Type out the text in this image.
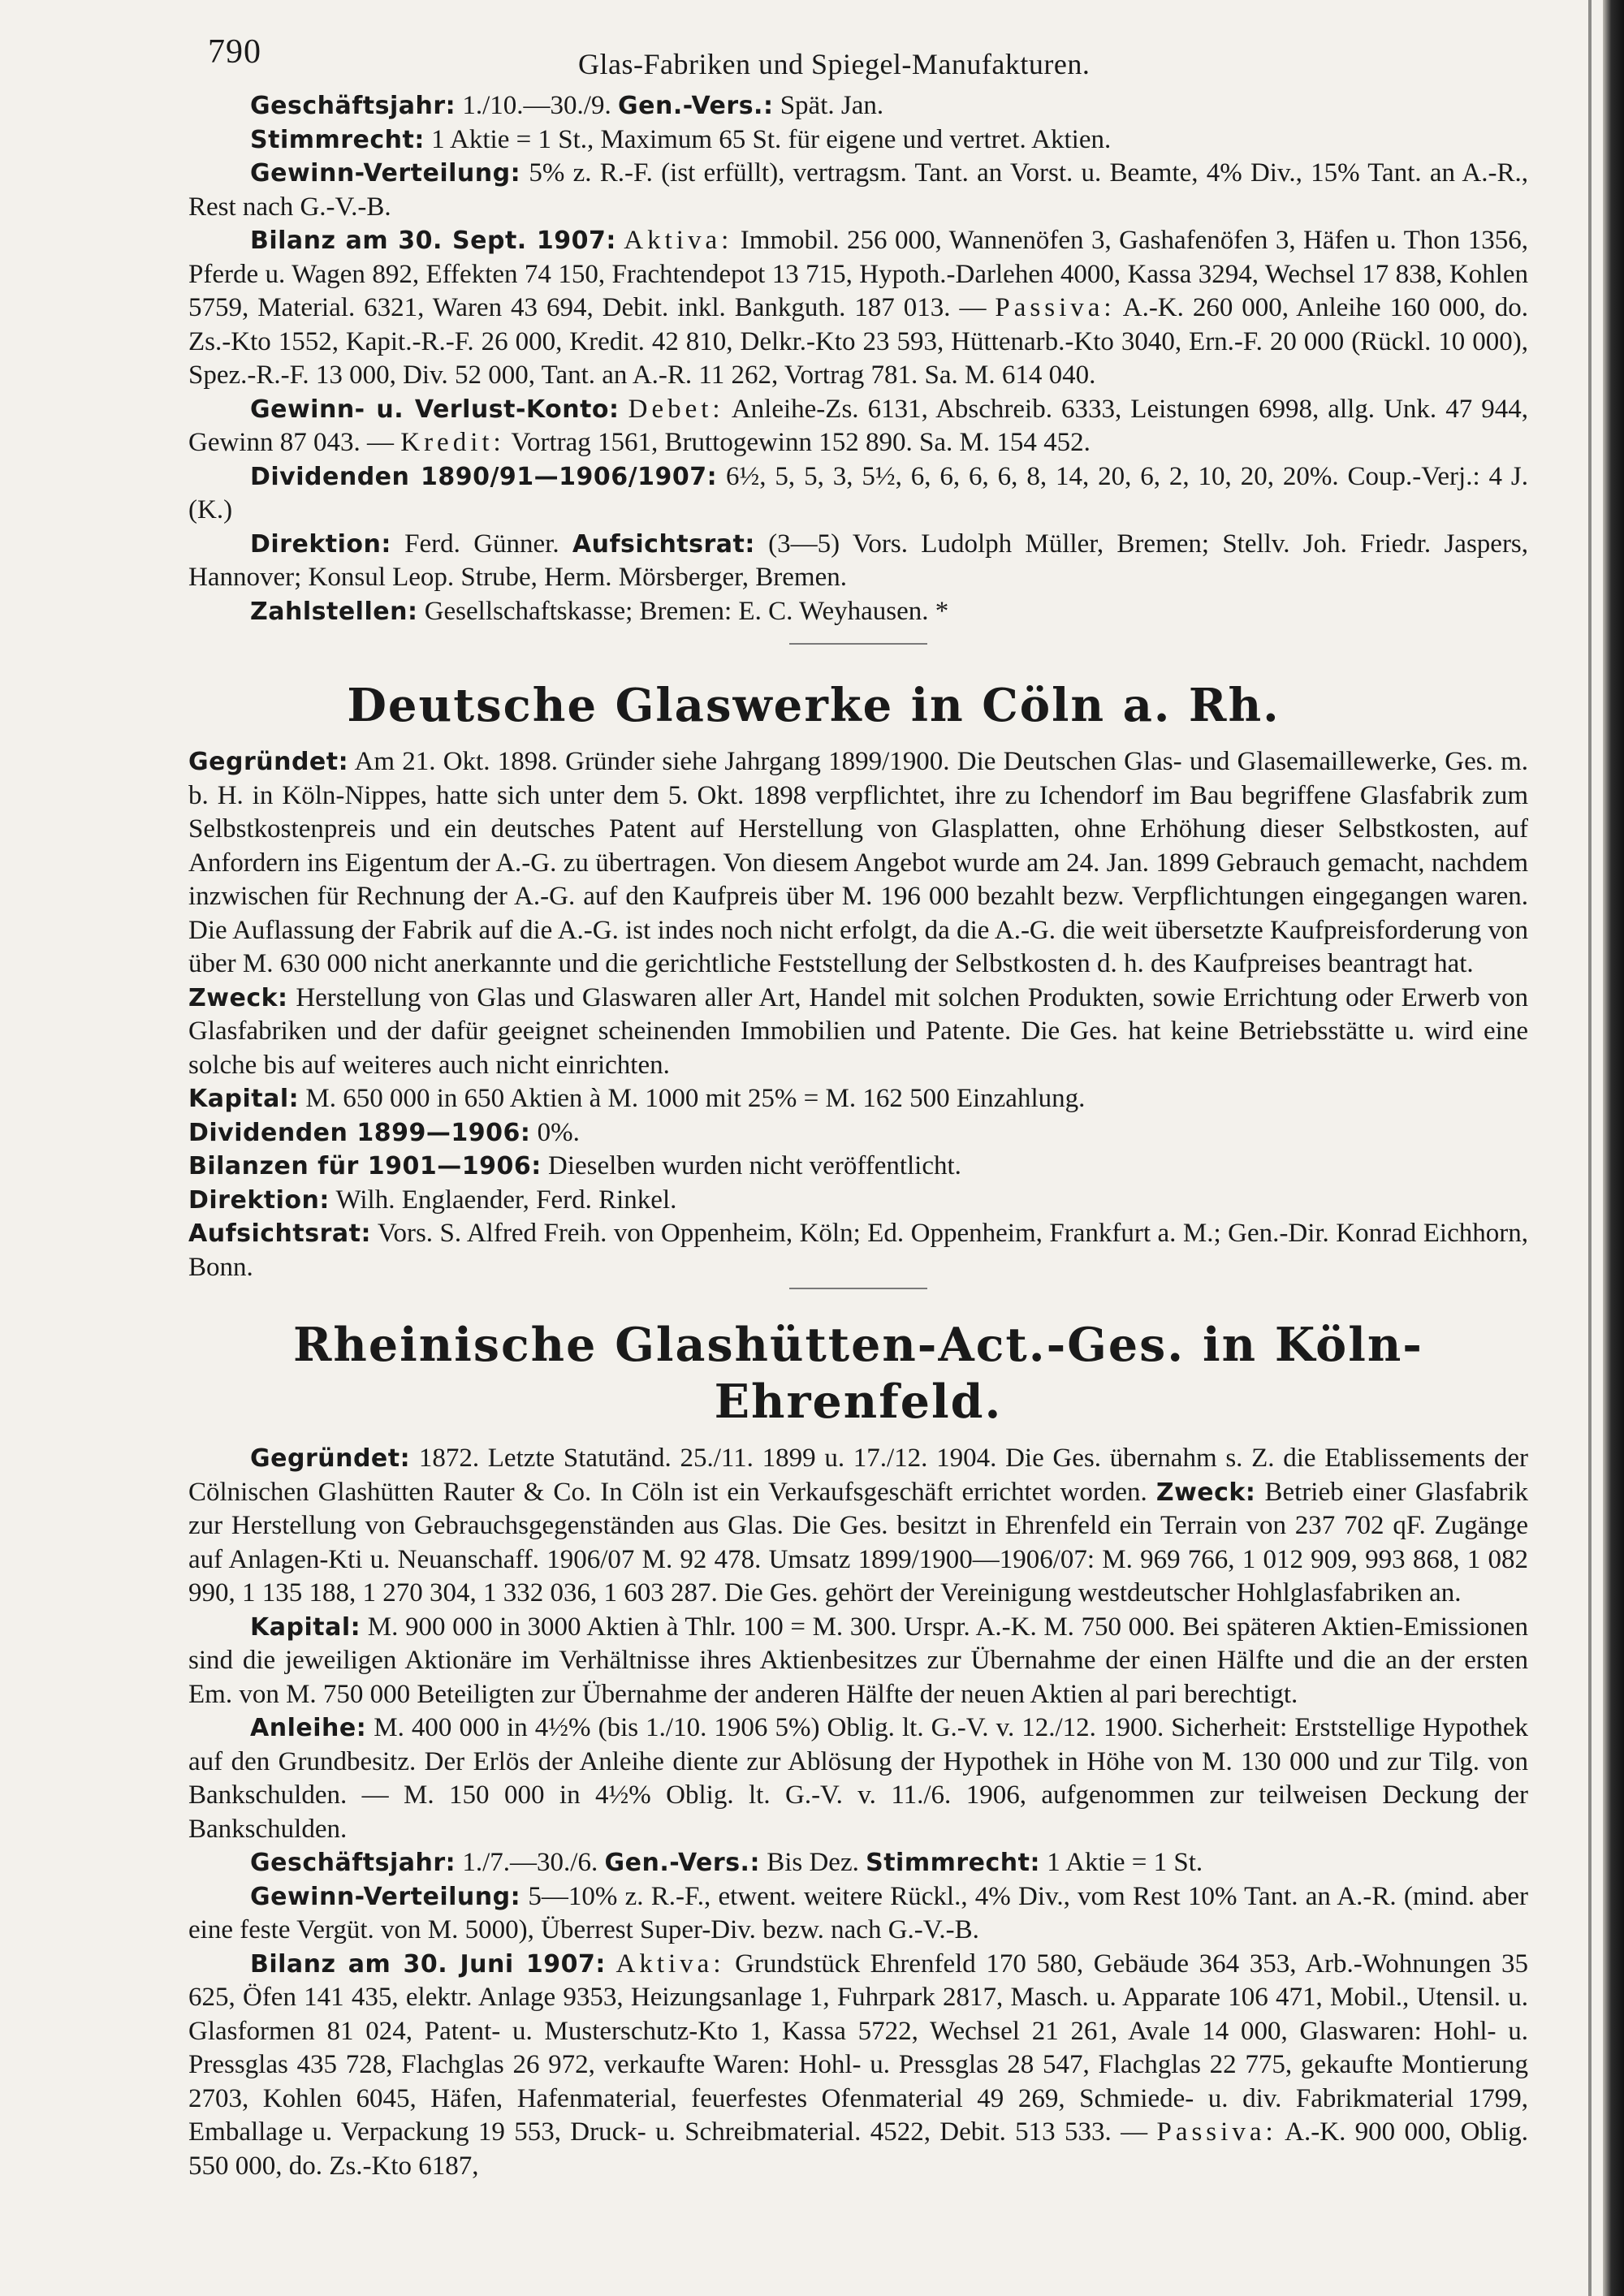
790	Glas-Fabriken und Spiegel-Manufakturen.

Geschäftsjahr: 1./10.—30./9. Gen.-Vers.: Spät. Jan.

Stimmrecht: 1 Aktie = 1 St., Maximum 65 St. für eigene und vertret. Aktien.

Gewinn-Verteilung: 5% z. R.-F. (ist erfüllt), vertragsm. Tant. an Vorst. u. Beamte, 4% Div., 15% Tant. an A.-R., Rest nach G.-V.-B.

Bilanz am 30. Sept. 1907: Aktiva: Immobil. 256 000, Wannenöfen 3, Gashafenöfen 3, Häfen u. Thon 1356, Pferde u. Wagen 892, Effekten 74 150, Frachtendepot 13 715, Hypoth.-Darlehen 4000, Kassa 3294, Wechsel 17 838, Kohlen 5759, Material. 6321, Waren 43 694, Debit. inkl. Bankguth. 187 013. — Passiva: A.-K. 260 000, Anleihe 160 000, do. Zs.-Kto 1552, Kapit.-R.-F. 26 000, Kredit. 42 810, Delkr.-Kto 23 593, Hüttenarb.-Kto 3040, Ern.-F. 20 000 (Rückl. 10 000), Spez.-R.-F. 13 000, Div. 52 000, Tant. an A.-R. 11 262, Vortrag 781. Sa. M. 614 040.

Gewinn- u. Verlust-Konto: Debet: Anleihe-Zs. 6131, Abschreib. 6333, Leistungen 6998, allg. Unk. 47 944, Gewinn 87 043. — Kredit: Vortrag 1561, Bruttogewinn 152 890. Sa. M. 154 452.

Dividenden 1890/91—1906/1907: 6½, 5, 5, 3, 5½, 6, 6, 6, 6, 8, 14, 20, 6, 2, 10, 20, 20%. Coup.-Verj.: 4 J. (K.)

Direktion: Ferd. Günner. Aufsichtsrat: (3—5) Vors. Ludolph Müller, Bremen; Stellv. Joh. Friedr. Jaspers, Hannover; Konsul Leop. Strube, Herm. Mörsberger, Bremen.

Zahlstellen: Gesellschaftskasse; Bremen: E. C. Weyhausen. *

Deutsche Glaswerke in Cöln a. Rh.

Gegründet: Am 21. Okt. 1898. Gründer siehe Jahrgang 1899/1900. Die Deutschen Glas- und Glasemaillewerke, Ges. m. b. H. in Köln-Nippes, hatte sich unter dem 5. Okt. 1898 verpflichtet, ihre zu Ichendorf im Bau begriffene Glasfabrik zum Selbstkostenpreis und ein deutsches Patent auf Herstellung von Glasplatten, ohne Erhöhung dieser Selbstkosten, auf Anfordern ins Eigentum der A.-G. zu übertragen. Von diesem Angebot wurde am 24. Jan. 1899 Gebrauch gemacht, nachdem inzwischen für Rechnung der A.-G. auf den Kaufpreis über M. 196 000 bezahlt bezw. Verpflichtungen eingegangen waren. Die Auflassung der Fabrik auf die A.-G. ist indes noch nicht erfolgt, da die A.-G. die weit übersetzte Kaufpreisforderung von über M. 630 000 nicht anerkannte und die gerichtliche Feststellung der Selbstkosten d. h. des Kaufpreises beantragt hat.

Zweck: Herstellung von Glas und Glaswaren aller Art, Handel mit solchen Produkten, sowie Errichtung oder Erwerb von Glasfabriken und der dafür geeignet scheinenden Immobilien und Patente. Die Ges. hat keine Betriebsstätte u. wird eine solche bis auf weiteres auch nicht einrichten.

Kapital: M. 650 000 in 650 Aktien à M. 1000 mit 25% = M. 162 500 Einzahlung.

Dividenden 1899—1906: 0%.

Bilanzen für 1901—1906: Dieselben wurden nicht veröffentlicht.

Direktion: Wilh. Englaender, Ferd. Rinkel.

Aufsichtsrat: Vors. S. Alfred Freih. von Oppenheim, Köln; Ed. Oppenheim, Frankfurt a. M.; Gen.-Dir. Konrad Eichhorn, Bonn.

Rheinische Glashütten-Act.-Ges. in Köln-Ehrenfeld.

Gegründet: 1872. Letzte Statutänd. 25./11. 1899 u. 17./12. 1904. Die Ges. übernahm s. Z. die Etablissements der Cölnischen Glashütten Rauter & Co. In Cöln ist ein Verkaufsgeschäft errichtet worden. Zweck: Betrieb einer Glasfabrik zur Herstellung von Gebrauchsgegenständen aus Glas. Die Ges. besitzt in Ehrenfeld ein Terrain von 237 702 qF. Zugänge auf Anlagen-Kti u. Neuanschaff. 1906/07 M. 92 478. Umsatz 1899/1900—1906/07: M. 969 766, 1 012 909, 993 868, 1 082 990, 1 135 188, 1 270 304, 1 332 036, 1 603 287. Die Ges. gehört der Vereinigung westdeutscher Hohlglasfabriken an.

Kapital: M. 900 000 in 3000 Aktien à Thlr. 100 = M. 300. Urspr. A.-K. M. 750 000. Bei späteren Aktien-Emissionen sind die jeweiligen Aktionäre im Verhältnisse ihres Aktienbesitzes zur Übernahme der einen Hälfte und die an der ersten Em. von M. 750 000 Beteiligten zur Übernahme der anderen Hälfte der neuen Aktien al pari berechtigt.

Anleihe: M. 400 000 in 4½% (bis 1./10. 1906 5%) Oblig. lt. G.-V. v. 12./12. 1900. Sicherheit: Erststellige Hypothek auf den Grundbesitz. Der Erlös der Anleihe diente zur Ablösung der Hypothek in Höhe von M. 130 000 und zur Tilg. von Bankschulden. — M. 150 000 in 4½% Oblig. lt. G.-V. v. 11./6. 1906, aufgenommen zur teilweisen Deckung der Bankschulden.

Geschäftsjahr: 1./7.—30./6. Gen.-Vers.: Bis Dez. Stimmrecht: 1 Aktie = 1 St.

Gewinn-Verteilung: 5—10% z. R.-F., etwent. weitere Rückl., 4% Div., vom Rest 10% Tant. an A.-R. (mind. aber eine feste Vergüt. von M. 5000), Überrest Super-Div. bezw. nach G.-V.-B.

Bilanz am 30. Juni 1907: Aktiva: Grundstück Ehrenfeld 170 580, Gebäude 364 353, Arb.-Wohnungen 35 625, Öfen 141 435, elektr. Anlage 9353, Heizungsanlage 1, Fuhrpark 2817, Masch. u. Apparate 106 471, Mobil., Utensil. u. Glasformen 81 024, Patent- u. Musterschutz-Kto 1, Kassa 5722, Wechsel 21 261, Avale 14 000, Glaswaren: Hohl- u. Pressglas 435 728, Flachglas 26 972, verkaufte Waren: Hohl- u. Pressglas 28 547, Flachglas 22 775, gekaufte Montierung 2703, Kohlen 6045, Häfen, Hafenmaterial, feuerfestes Ofenmaterial 49 269, Schmiede- u. div. Fabrikmaterial 1799, Emballage u. Verpackung 19 553, Druck- u. Schreibmaterial. 4522, Debit. 513 533. — Passiva: A.-K. 900 000, Oblig. 550 000, do. Zs.-Kto 6187,
